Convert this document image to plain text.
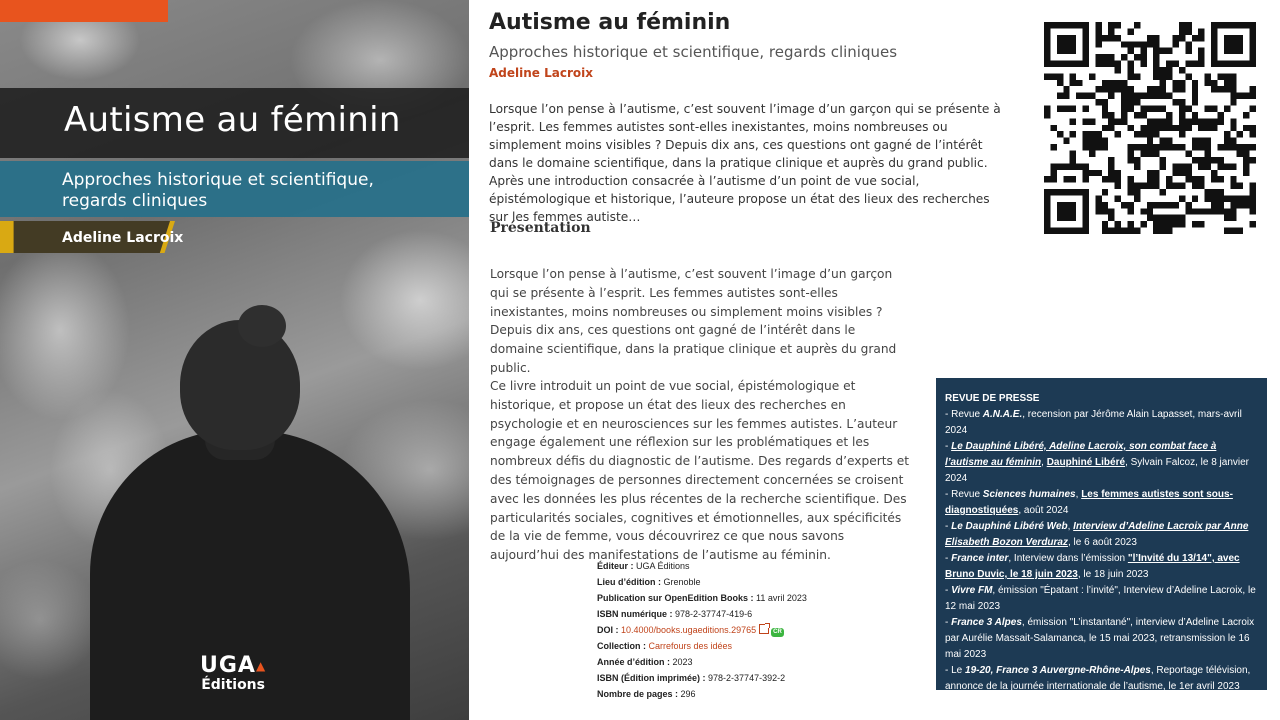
Autisme au féminin
Approches historique et scientifique, regards cliniques
Adeline Lacroix
UGA▲
Éditions
Autisme au féminin
Approches historique et scientifique, regards cliniques
Adeline Lacroix

Lorsque l’on pense à l’autisme, c’est souvent l’image d’un garçon qui se présente à l’esprit. Les femmes autistes sont-elles inexistantes, moins nombreuses ou simplement moins visibles ? Depuis dix ans, ces questions ont gagné de l’intérêt dans le domaine scientifique, dans la pratique clinique et auprès du grand public. Après une introduction consacrée à l’autisme d’un point de vue social, épistémologique et historique, l’auteure propose un état des lieux des recherches sur les femmes autiste…

Présentation

Lorsque l’on pense à l’autisme, c’est souvent l’image d’un garçon qui se présente à l’esprit. Les femmes autistes sont-elles inexistantes, moins nombreuses ou simplement moins visibles ? Depuis dix ans, ces questions ont gagné de l’intérêt dans le domaine scientifique, dans la pratique clinique et auprès du grand public.

Ce livre introduit un point de vue social, épistémologique et historique, et propose un état des lieux des recherches en psychologie et en neurosciences sur les femmes autistes. L’auteur engage également une réflexion sur les problématiques et les nombreux défis du diagnostic de l’autisme. Des regards d’experts et des témoignages de personnes directement concernées se croisent avec les données les plus récentes de la recherche scientifique. Des particularités sociales, cognitives et émotionnelles, aux spécificités de la vie de femme, vous découvrirez ce que nous savons aujourd’hui des manifestations de l’autisme au féminin.

Éditeur : UGA Éditions
Lieu d’édition : Grenoble
Publication sur OpenEdition Books : 11 avril 2023
ISBN numérique : 978-2-37747-419-6
DOI : 10.4000/books.ugaeditions.29765	CR
Collection : Carrefours des idées
Année d’édition : 2023
ISBN (Édition imprimée) : 978-2-37747-392-2
Nombre de pages : 296
REVUE DE PRESSE

- Revue A.N.A.E., recension par Jérôme Alain Lapasset, mars-avril 2024

- Le Dauphiné Libéré, Adeline Lacroix, son combat face à l’autisme au féminin, Dauphiné Libéré, Sylvain Falcoz, le 8 janvier 2024

- Revue Sciences humaines, Les femmes autistes sont sous-diagnostiquées, août 2024

- Le Dauphiné Libéré Web, Interview d’Adeline Lacroix par Anne Elisabeth Bozon Verduraz, le 6 août 2023

- France inter, Interview dans l’émission "l’Invité du 13/14", avec Bruno Duvic, le 18 juin 2023, le 18 juin 2023

- Vivre FM, émission "Épatant : l’invité", Interview d’Adeline Lacroix, le 12 mai 2023

- France 3 Alpes, émission "L’instantané", interview d’Adeline Lacroix par Aurélie Massait-Salamanca, le 15 mai 2023, retransmission le 16 mai 2023

- Le 19-20, France 3 Auvergne-Rhône-Alpes, Reportage télévision, annonce de la journée internationale de l’autisme, le 1er avril 2023

- Femmes d’aujourd’hui, article, le 13 mars 2023
